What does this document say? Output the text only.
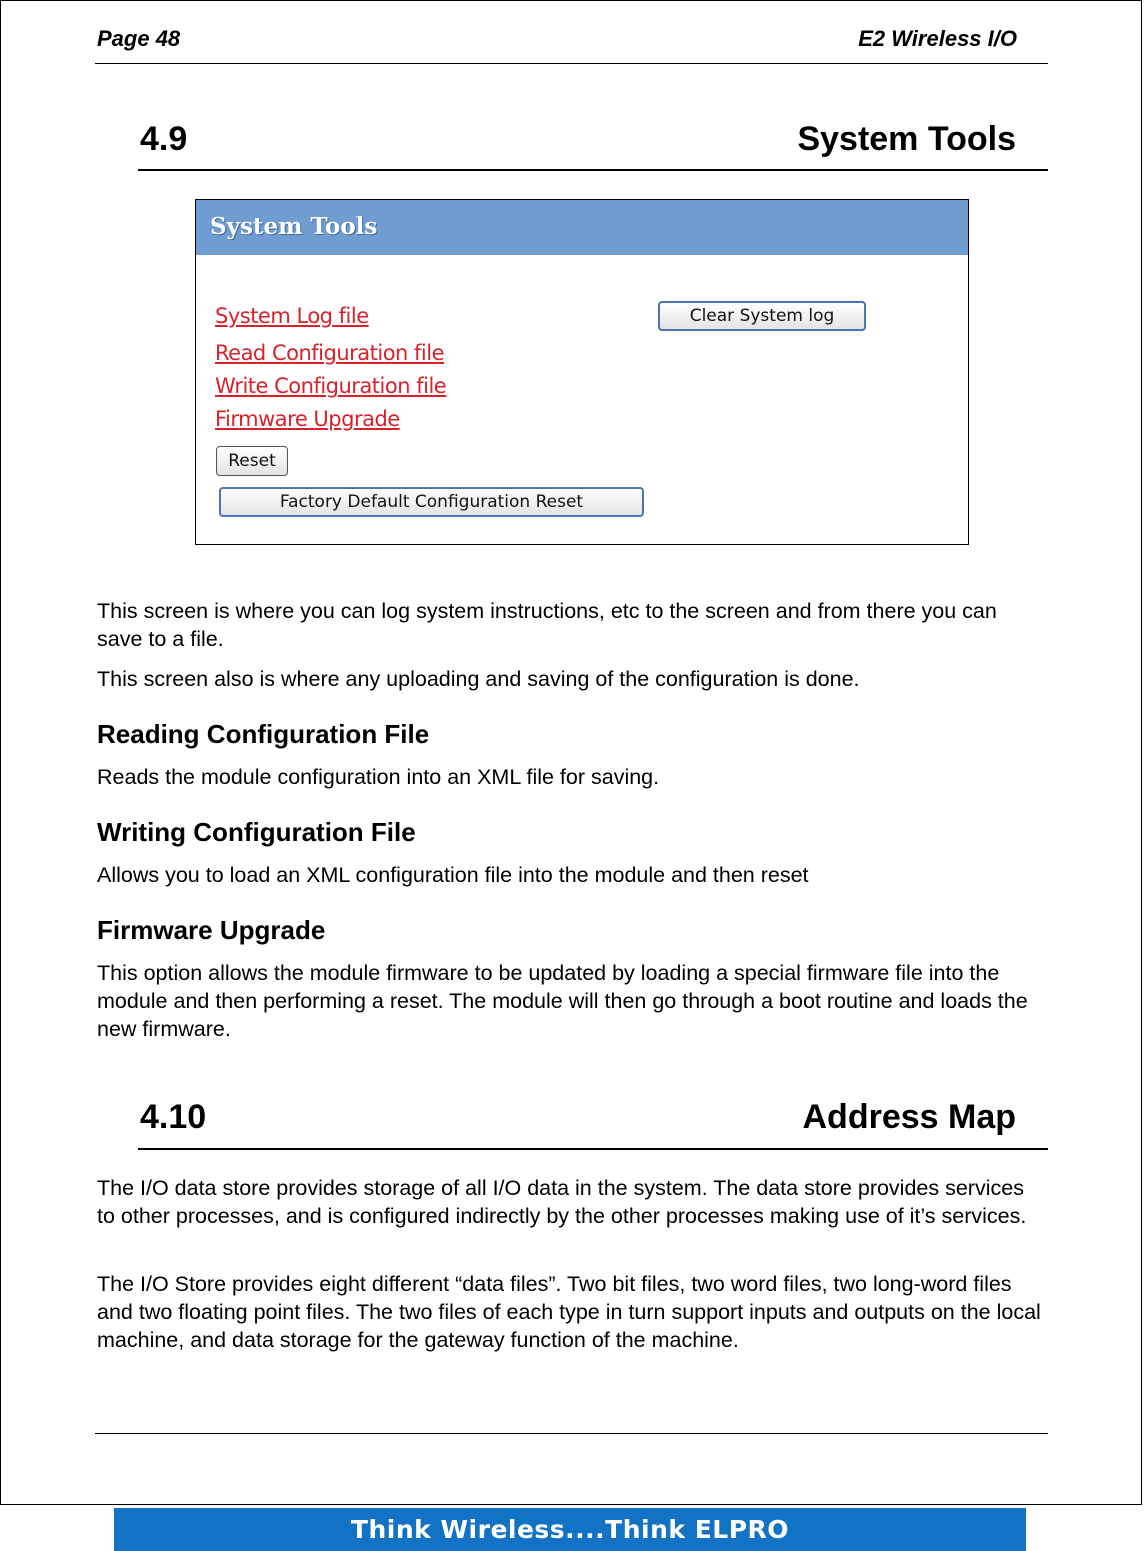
Page 48	E2 Wireless I/O
4.9	System Tools
System Tools
System Log file
Read Configuration file
Write Configuration file
Firmware Upgrade
Clear System log
Reset
Factory Default Configuration Reset
This screen is where you can log system instructions, etc to the screen and from there you can save to a file.
This screen also is where any uploading and saving of the configuration is done.
Reading Configuration File
Reads the module configuration into an XML file for saving.
Writing Configuration File
Allows you to load an XML configuration file into the module and then reset
Firmware Upgrade
This option allows the module firmware to be updated by loading a special firmware file into the module and then performing a reset. The module will then go through a boot routine and loads the new firmware.
4.10	Address Map
The I/O data store provides storage of all I/O data in the system. The data store provides services to other processes, and is configured indirectly by the other processes making use of it’s services.
The I/O Store provides eight different “data files”. Two bit files, two word files, two long-word files and two floating point files. The two files of each type in turn support inputs and outputs on the local machine, and data storage for the gateway function of the machine.
Think Wireless....Think ELPRO
